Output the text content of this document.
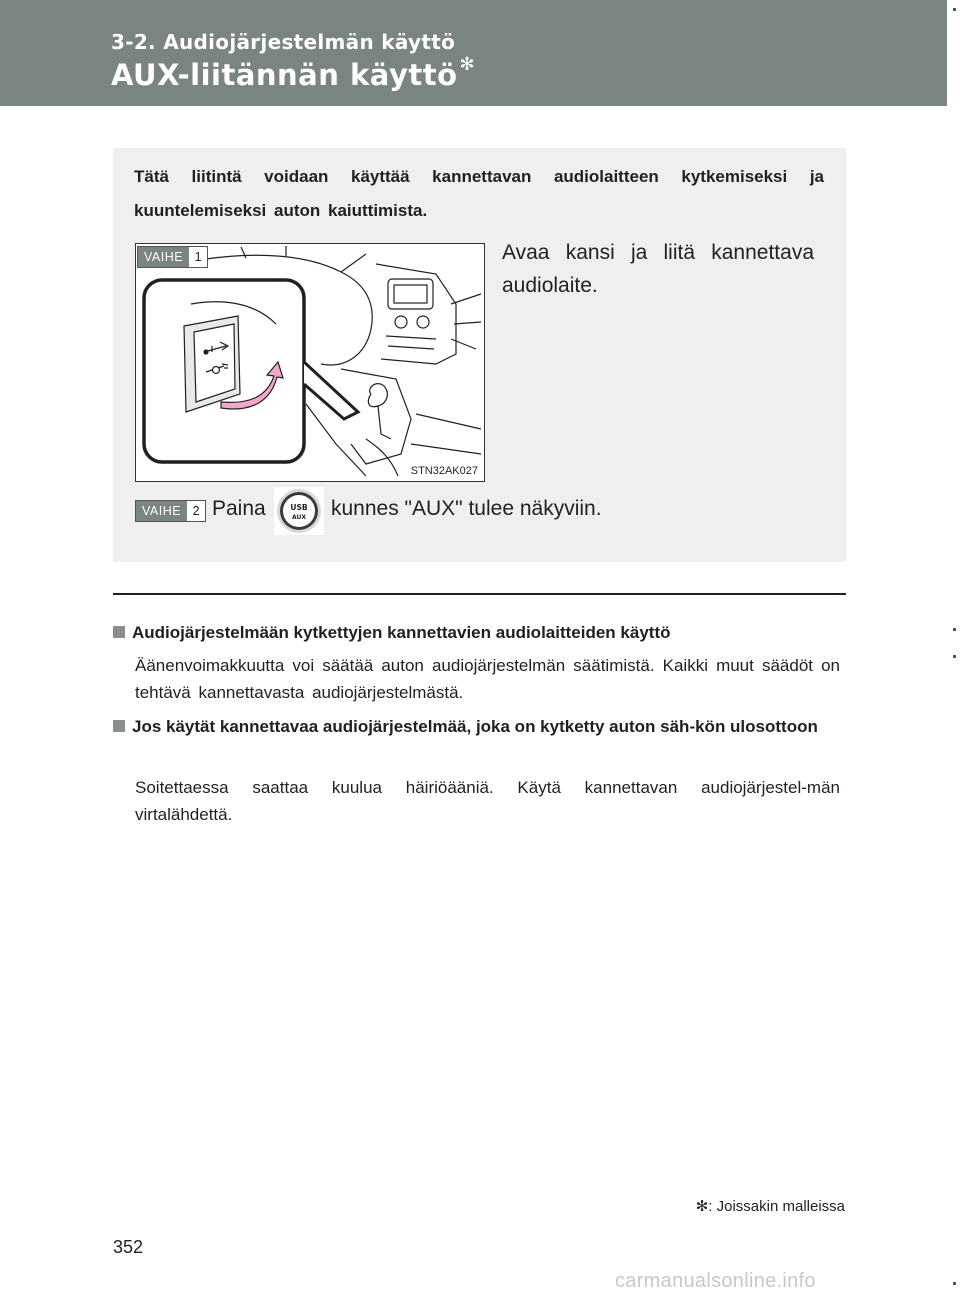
3-2. Audiojärjestelmän käyttö
AUX-liitännän käyttö ✻
Tätä liitintä voidaan käyttää kannettavan audiolaitteen kytkemiseksi ja kuuntelemiseksi auton kaiuttimista.
STN32AK027
VAIHE 1	Avaa kansi ja liitä kannettava audiolaite.
VAIHE 2 Paina	USB
AUX kunnes "AUX" tulee näkyviin.
Audiojärjestelmään kytkettyjen kannettavien audiolaitteiden käyttö
Äänenvoimakkuutta voi säätää auton audiojärjestelmän säätimistä. Kaikki muut säädöt on tehtävä kannettavasta audiojärjestelmästä.
Jos käytät kannettavaa audiojärjestelmää, joka on kytketty auton säh-kön ulosottoon
Soitettaessa saattaa kuulua häiriöääniä. Käytä kannettavan audiojärjestel-män virtalähdettä.
✻: Joissakin malleissa
352
carmanualsonline.info
